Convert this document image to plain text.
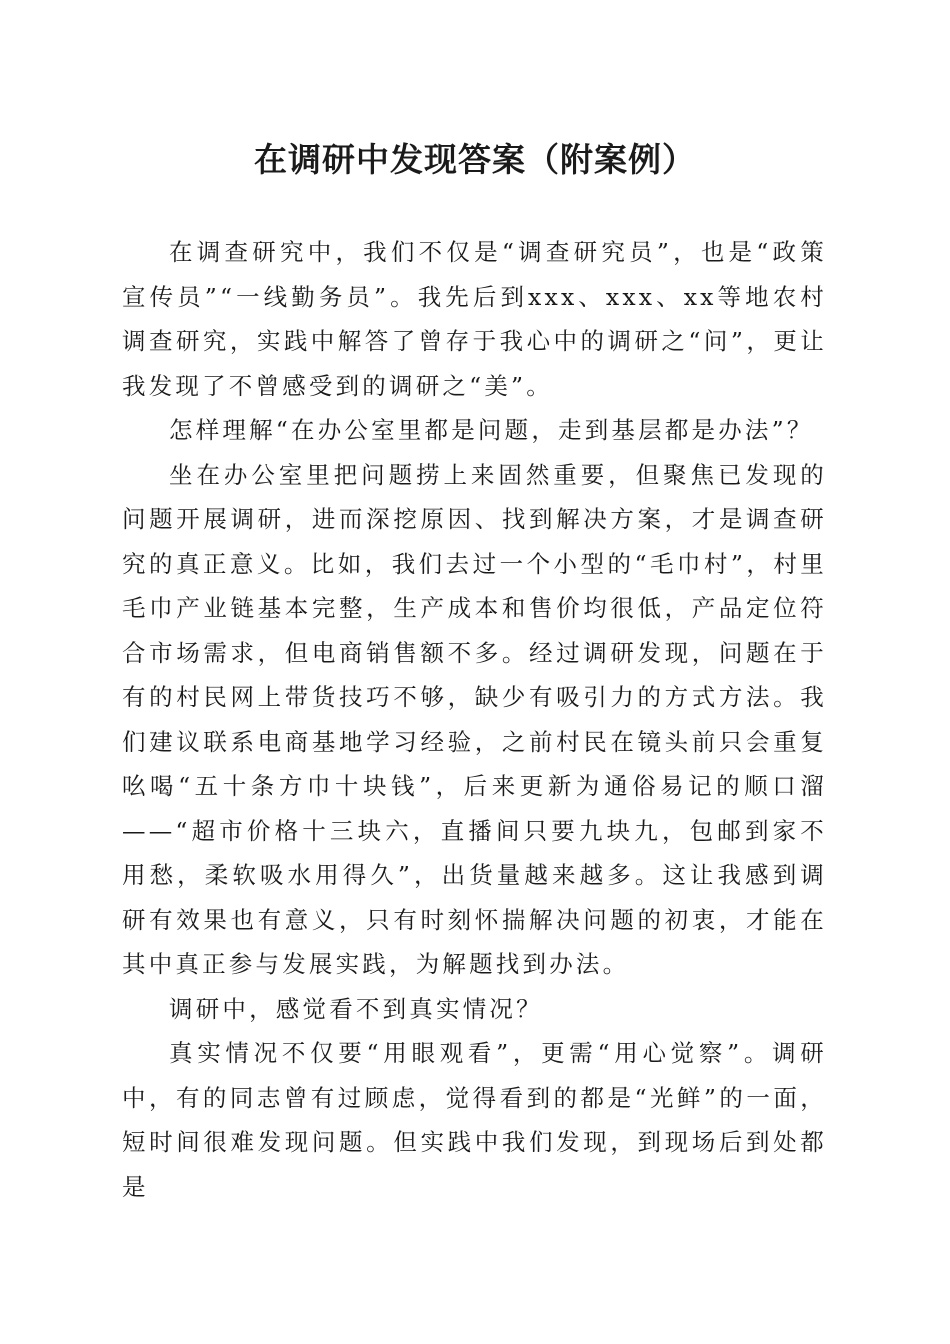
在调研中发现答案（附案例）

在调查研究中，我们不仅是“调查研究员”，也是“政策宣传员”“一线勤务员”。我先后到xxx、xxx、xx等地农村调查研究，实践中解答了曾存于我心中的调研之“问”，更让我发现了不曾感受到的调研之“美”。

怎样理解“在办公室里都是问题，走到基层都是办法”？

坐在办公室里把问题捞上来固然重要，但聚焦已发现的问题开展调研，进而深挖原因、找到解决方案，才是调查研究的真正意义。比如，我们去过一个小型的“毛巾村”，村里毛巾产业链基本完整，生产成本和售价均很低，产品定位符合市场需求，但电商销售额不多。经过调研发现，问题在于有的村民网上带货技巧不够，缺少有吸引力的方式方法。我们建议联系电商基地学习经验，之前村民在镜头前只会重复吆喝“五十条方巾十块钱”，后来更新为通俗易记的顺口溜——“超市价格十三块六，直播间只要九块九，包邮到家不用愁，柔软吸水用得久”，出货量越来越多。这让我感到调研有效果也有意义，只有时刻怀揣解决问题的初衷，才能在其中真正参与发展实践，为解题找到办法。

调研中，感觉看不到真实情况？

真实情况不仅要“用眼观看”，更需“用心觉察”。调研中，有的同志曾有过顾虑，觉得看到的都是“光鲜”的一面，短时间很难发现问题。但实践中我们发现，到现场后到处都是
